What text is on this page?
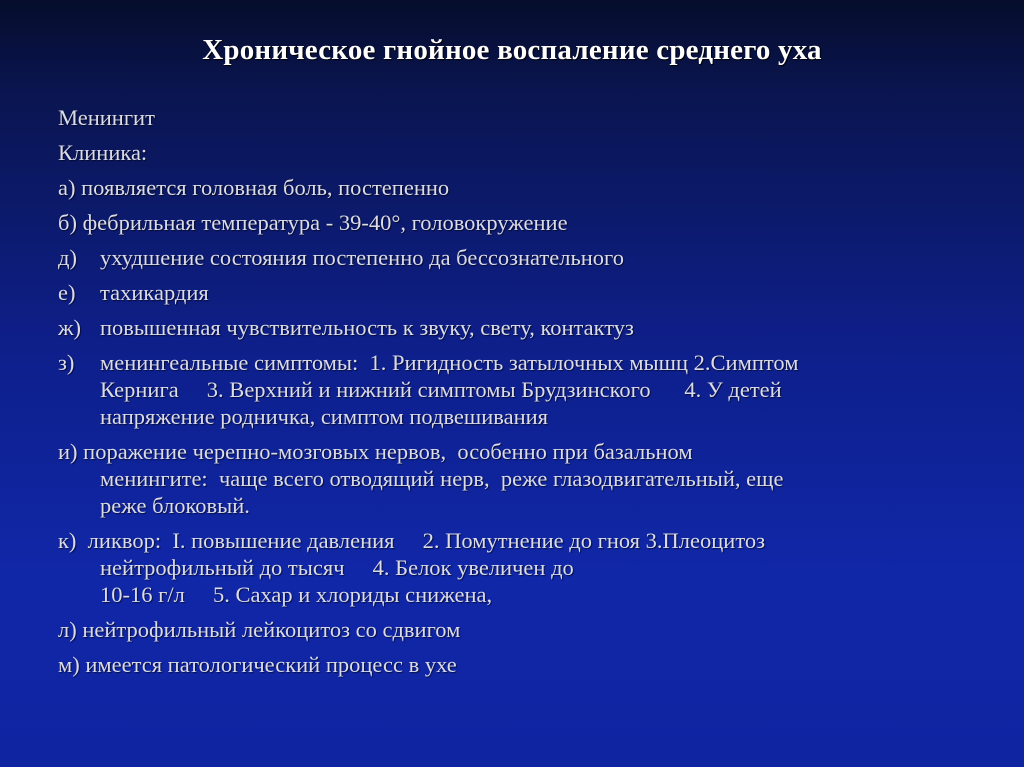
Хроническое гнойное воспаление среднего уха
Менингит
Клиника:
а) появляется головная боль, постепенно
б) фебрильная температура - 39-40°, головокружение
д)	ухудшение состояния постепенно да бессознательного
е)	тахикардия
ж) повышенная чувствительность к звуку, свету, контактуз
з)	менингеальные симптомы:  1. Ригидность затылочных мышц 2.Симптом
Кернига     3. Верхний и нижний симптомы Брудзинского      4. У детей
напряжение родничка, симптом подвешивания
и) поражение черепно-мозговых нервов,  особенно при базальном
менингите:  чаще всего отводящий нерв,  реже глазодвигательный, еще
реже блоковый.
к)  ликвор:  I. повышение давления     2. Помутнение до гноя 3.Плеоцитоз
нейтрофильный до тысяч     4. Белок увеличен до
10-16 г/л     5. Сахар и хлориды снижена,
л) нейтрофильный лейкоцитоз со сдвигом
м) имеется патологический процесс в ухе
